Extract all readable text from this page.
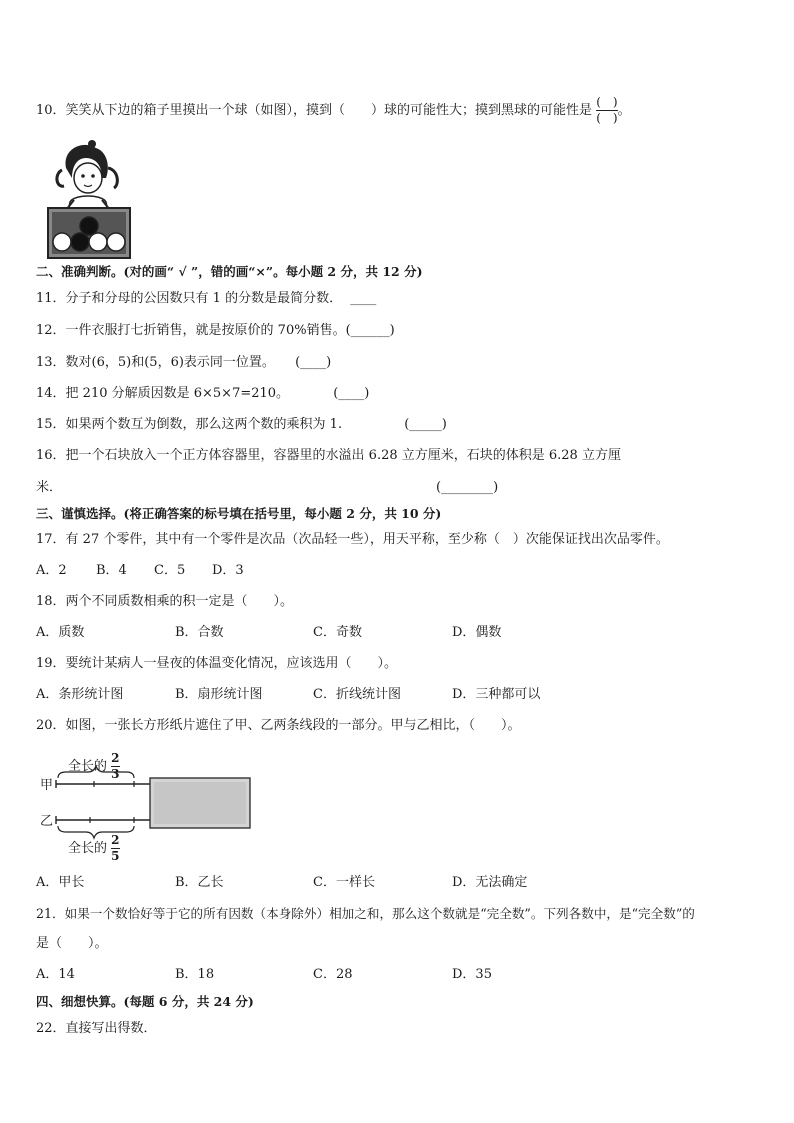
10．笑笑从下边的箱子里摸出一个球（如图），摸到（　　）球的可能性大；摸到黑球的可能性是 $\frac{( )}{( )}$ 。
二、准确判断。(对的画“ √ ”，错的画“×”。每小题 2 分，共 12 分)
11．分子和分母的公因数只有 1 的分数是最简分数． ____
12．一件衣服打七折销售，就是按原价的 70%销售。(______)
13．数对(6，5)和(5，6)表示同一位置。 (____)
14．把 210 分解质因数是 6×5×7=210。	(____)
15．如果两个数互为倒数，那么这两个数的乘积为 1.	(_____)
16．把一个石块放入一个正方体容器里，容器里的水溢出 6.28 立方厘米，石块的体积是 6.28 立方厘
米．	(________)
三、谨慎选择。(将正确答案的标号填在括号里，每小题 2 分，共 10 分)
17．有 27 个零件，其中有一个零件是次品（次品轻一些），用天平称，至少称（　）次能保证找出次品零件。
A．2 B．4 C．5 D．3
18．两个不同质数相乘的积一定是（　　）。
A．质数	B．合数	C．奇数	D．偶数
19．要统计某病人一昼夜的体温变化情况，应该选用（　　）。
A．条形统计图	B．扇形统计图	C．折线统计图	D．三种都可以
20．如图，一张长方形纸片遮住了甲、乙两条线段的一部分。甲与乙相比，（　　）。
全长的 $\frac{2}{3}$
甲
乙
全长的 $\frac{2}{5}$
A．甲长	B．乙长	C．一样长	D．无法确定
21．如果一个数恰好等于它的所有因数（本身除外）相加之和，那么这个数就是“完全数”。下列各数中，是“完全数”的
是（　　）。
A．14	B．18	C．28	D．35
四、细想快算。(每题 6 分，共 24 分)
22．直接写出得数．
